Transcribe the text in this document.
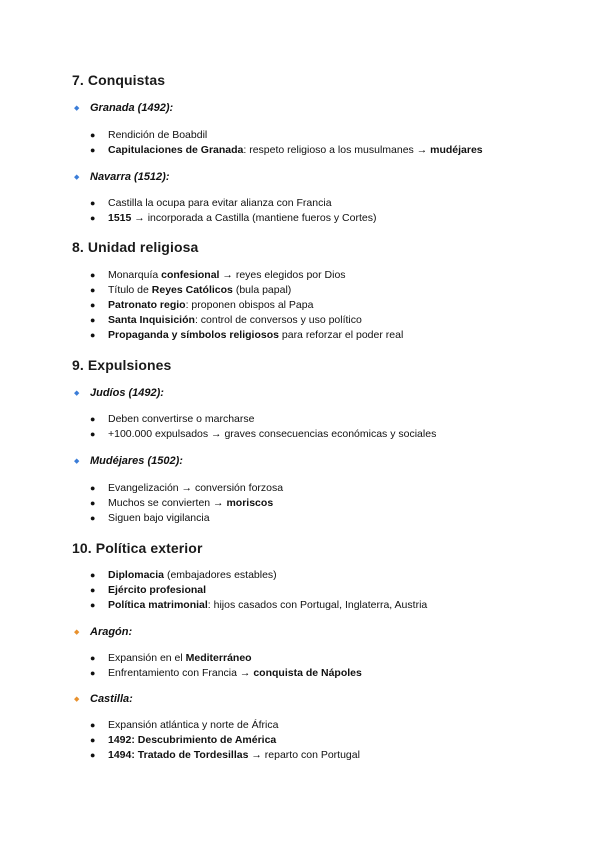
7. Conquistas
◆ Granada (1492):
●	Rendición de Boabdil
●	Capitulaciones de Granada: respeto religioso a los musulmanes → mudéjares
◆ Navarra (1512):
●	Castilla la ocupa para evitar alianza con Francia
●	1515 → incorporada a Castilla (mantiene fueros y Cortes)
8. Unidad religiosa
●	Monarquía confesional → reyes elegidos por Dios
●	Título de Reyes Católicos (bula papal)
●	Patronato regio: proponen obispos al Papa
●	Santa Inquisición: control de conversos y uso político
●	Propaganda y símbolos religiosos para reforzar el poder real
9. Expulsiones
◆ Judíos (1492):
●	Deben convertirse o marcharse
●	+100.000 expulsados → graves consecuencias económicas y sociales
◆ Mudéjares (1502):
●	Evangelización → conversión forzosa
●	Muchos se convierten → moriscos
●	Siguen bajo vigilancia
10. Política exterior
●	Diplomacia (embajadores estables)
●	Ejército profesional
●	Política matrimonial: hijos casados con Portugal, Inglaterra, Austria
◆ Aragón:
●	Expansión en el Mediterráneo
●	Enfrentamiento con Francia → conquista de Nápoles
◆ Castilla:
●	Expansión atlántica y norte de África
●	1492: Descubrimiento de América
●	1494: Tratado de Tordesillas → reparto con Portugal
